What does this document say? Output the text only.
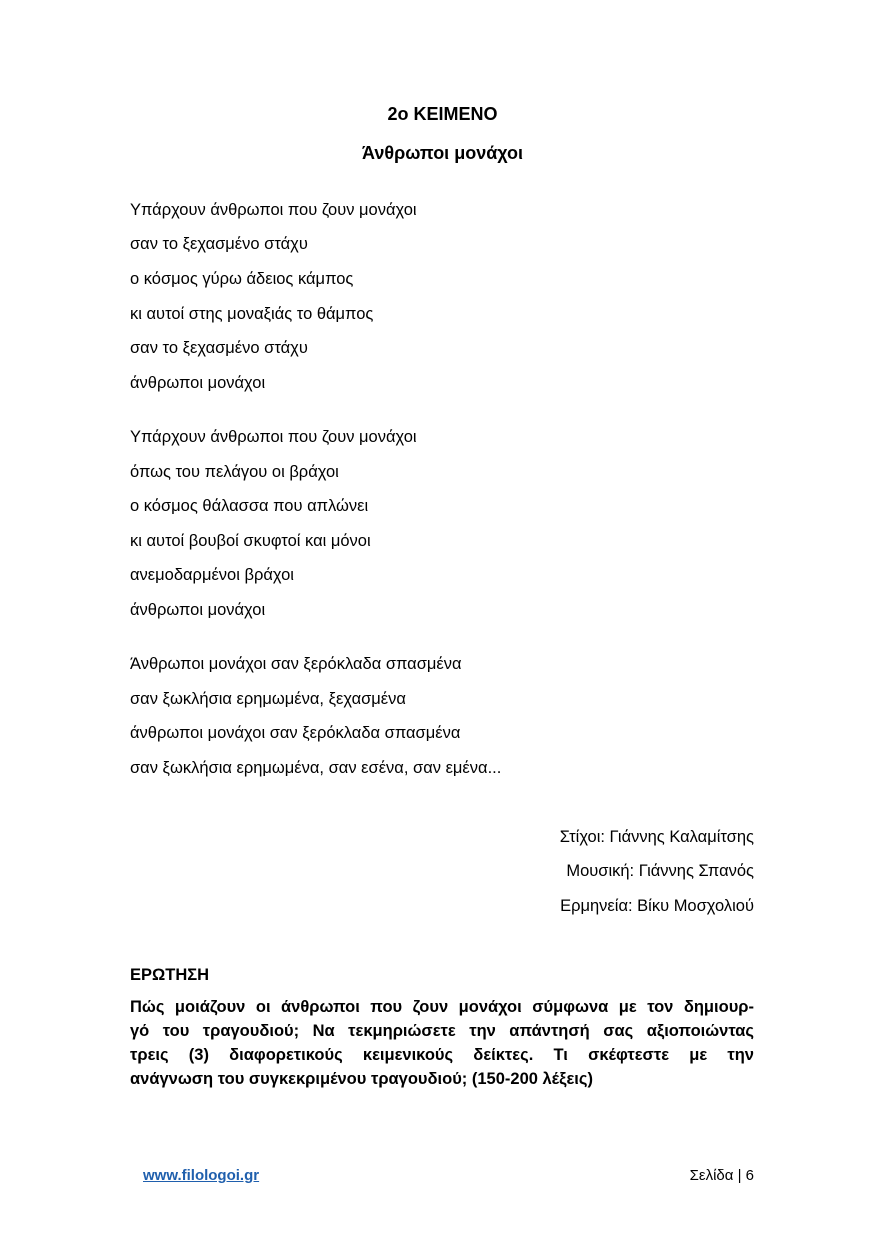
2ο ΚΕΙΜΕΝΟ
Άνθρωποι μονάχοι
Υπάρχουν άνθρωποι που ζουν μονάχοι
σαν το ξεχασμένο στάχυ
ο κόσμος γύρω άδειος κάμπος
κι αυτοί στης μοναξιάς το θάμπος
σαν το ξεχασμένο στάχυ
άνθρωποι μονάχοι
Υπάρχουν άνθρωποι που ζουν μονάχοι
όπως του πελάγου οι βράχοι
ο κόσμος θάλασσα που απλώνει
κι αυτοί βουβοί σκυφτοί και μόνοι
ανεμοδαρμένοι βράχοι
άνθρωποι μονάχοι
Άνθρωποι μονάχοι σαν ξερόκλαδα σπασμένα
σαν ξωκλήσια ερημωμένα, ξεχασμένα
άνθρωποι μονάχοι σαν ξερόκλαδα σπασμένα
σαν ξωκλήσια ερημωμένα, σαν εσένα, σαν εμένα...
Στίχοι: Γιάννης Καλαμίτσης
Μουσική: Γιάννης Σπανός
Ερμηνεία: Βίκυ Μοσχολιού
ΕΡΩΤΗΣΗ
Πώς μοιάζουν οι άνθρωποι που ζουν μονάχοι σύμφωνα με τον δημιουρ-
γό του τραγουδιού; Να τεκμηριώσετε την απάντησή σας αξιοποιώντας
τρεις (3) διαφορετικούς κειμενικούς δείκτες. Τι σκέφτεστε με την
ανάγνωση του συγκεκριμένου τραγουδιού; (150-200 λέξεις)
www.filologoi.gr	Σελίδα | 6
